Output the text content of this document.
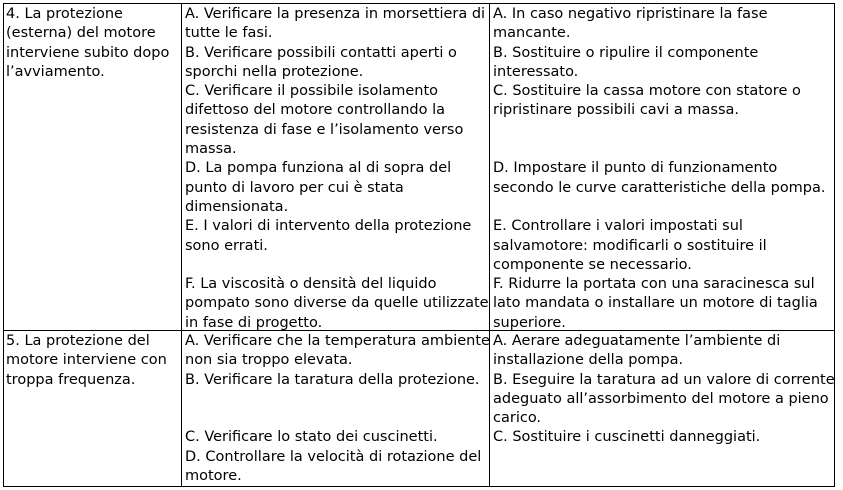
4. La protezione
(esterna) del motore
interviene subito dopo
l’avviamento.
A. Verificare la presenza in morsettiera di
tutte le fasi.
B. Verificare possibili contatti aperti o
sporchi nella protezione.
C. Verificare il possibile isolamento
difettoso del motore controllando la
resistenza di fase e l’isolamento verso
massa.
D. La pompa funziona al di sopra del
punto di lavoro per cui è stata
dimensionata.
E. I valori di intervento della protezione
sono errati.
F. La viscosità o densità del liquido
pompato sono diverse da quelle utilizzate
in fase di progetto.
A. In caso negativo ripristinare la fase
mancante.
B. Sostituire o ripulire il componente
interessato.
C. Sostituire la cassa motore con statore o
ripristinare possibili cavi a massa.
D. Impostare il punto di funzionamento
secondo le curve caratteristiche della pompa.
E. Controllare i valori impostati sul
salvamotore: modificarli o sostituire il
componente se necessario.
F. Ridurre la portata con una saracinesca sul
lato mandata o installare un motore di taglia
superiore.
5. La protezione del
motore interviene con
troppa frequenza.
A. Verificare che la temperatura ambiente
non sia troppo elevata.
B. Verificare la taratura della protezione.
C. Verificare lo stato dei cuscinetti.
D. Controllare la velocità di rotazione del
motore.
A. Aerare adeguatamente l’ambiente di
installazione della pompa.
B. Eseguire la taratura ad un valore di corrente
adeguato all’assorbimento del motore a pieno
carico.
C. Sostituire i cuscinetti danneggiati.
